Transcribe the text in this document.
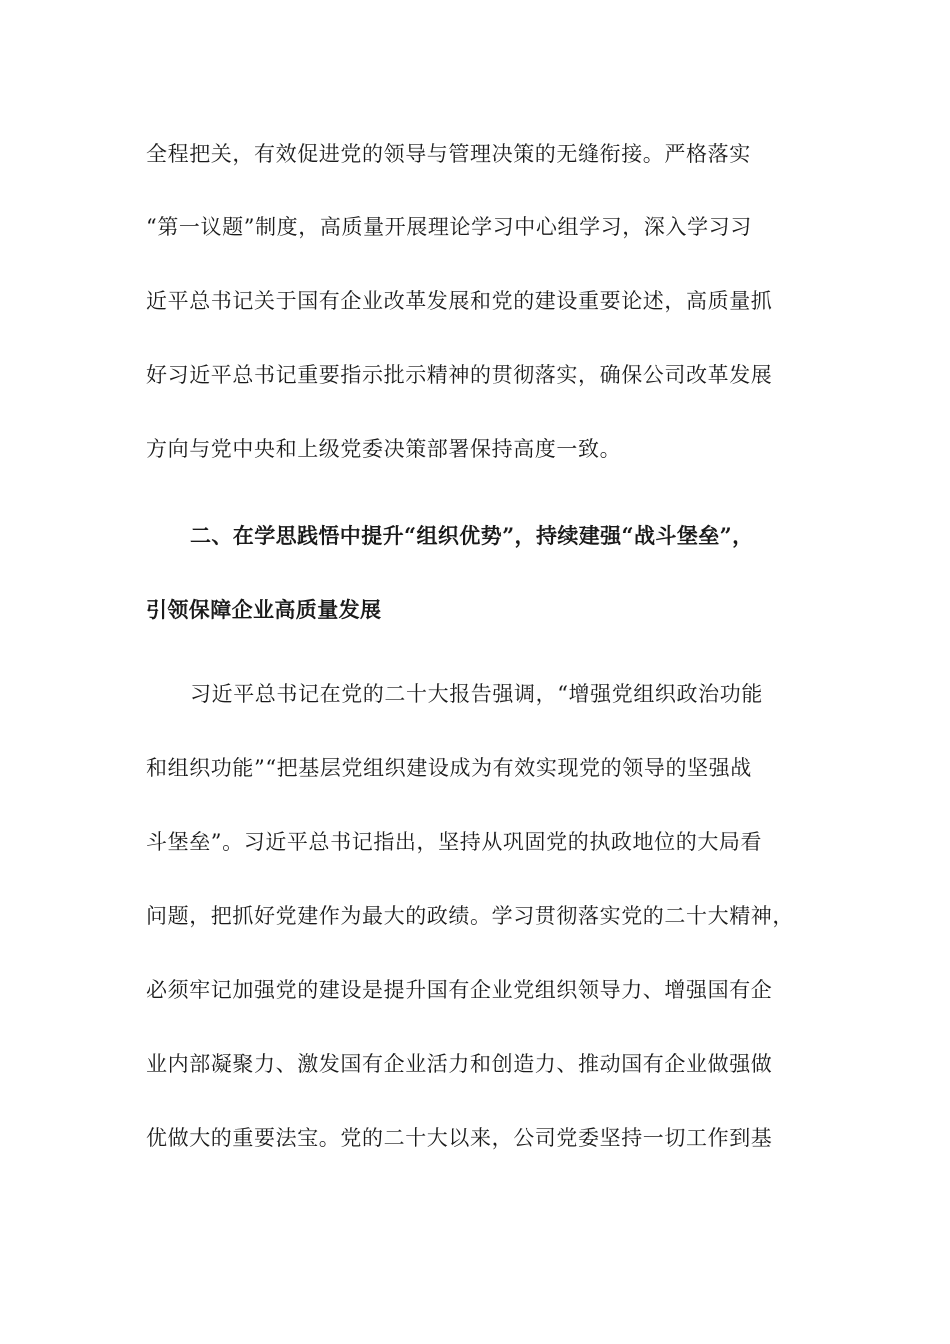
全程把关，有效促进党的领导与管理决策的无缝衔接。严格落实
“第一议题”制度，高质量开展理论学习中心组学习，深入学习习
近平总书记关于国有企业改革发展和党的建设重要论述，高质量抓
好习近平总书记重要指示批示精神的贯彻落实，确保公司改革发展
方向与党中央和上级党委决策部署保持高度一致。
二、在学思践悟中提升“组织优势”，持续建强“战斗堡垒”，
引领保障企业高质量发展
习近平总书记在党的二十大报告强调，“增强党组织政治功能
和组织功能”“把基层党组织建设成为有效实现党的领导的坚强战
斗堡垒”。习近平总书记指出，坚持从巩固党的执政地位的大局看
问题，把抓好党建作为最大的政绩。学习贯彻落实党的二十大精神，
必须牢记加强党的建设是提升国有企业党组织领导力、增强国有企
业内部凝聚力、激发国有企业活力和创造力、推动国有企业做强做
优做大的重要法宝。党的二十大以来，公司党委坚持一切工作到基
